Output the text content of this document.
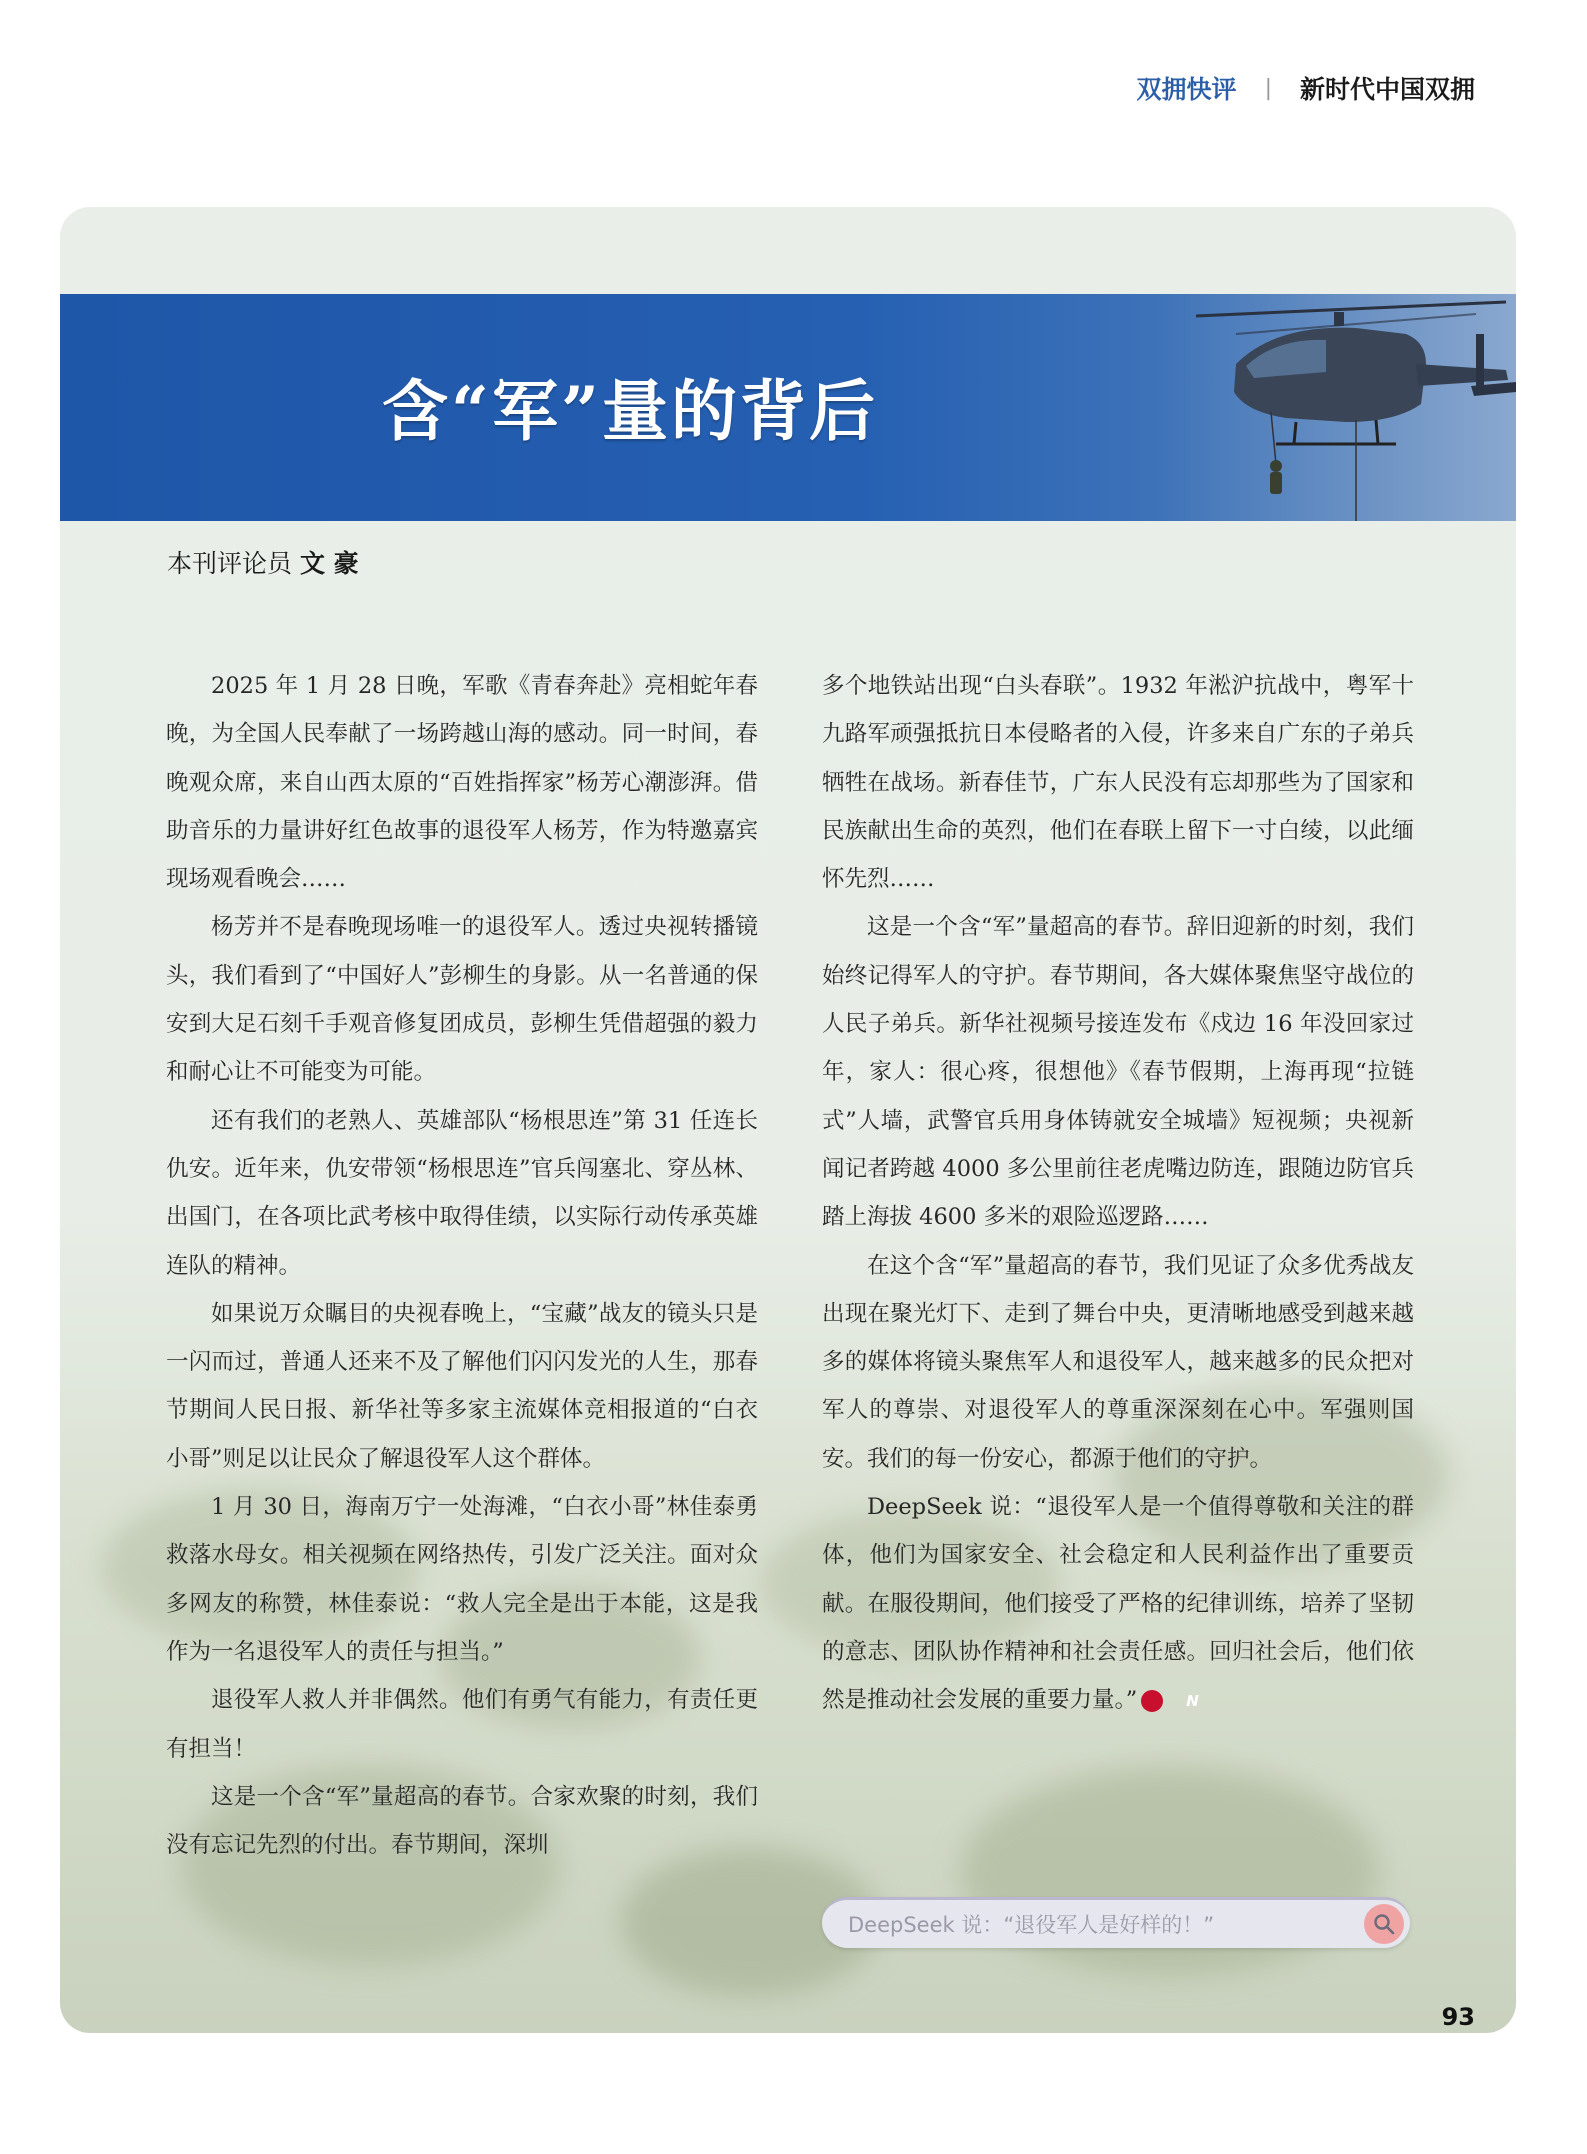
双拥快评 | 新时代中国双拥
含“军”量的背后
本刊评论员 文 豪

2025 年 1 月 28 日晚，军歌《青春奔赴》亮相蛇年春晚，为全国人民奉献了一场跨越山海的感动。同一时间，春晚观众席，来自山西太原的“百姓指挥家”杨芳心潮澎湃。借助音乐的力量讲好红色故事的退役军人杨芳，作为特邀嘉宾现场观看晚会……

杨芳并不是春晚现场唯一的退役军人。透过央视转播镜头，我们看到了“中国好人”彭柳生的身影。从一名普通的保安到大足石刻千手观音修复团成员，彭柳生凭借超强的毅力和耐心让不可能变为可能。

还有我们的老熟人、英雄部队“杨根思连”第 31 任连长仇安。近年来，仇安带领“杨根思连”官兵闯塞北、穿丛林、出国门，在各项比武考核中取得佳绩，以实际行动传承英雄连队的精神。

如果说万众瞩目的央视春晚上，“宝藏”战友的镜头只是一闪而过，普通人还来不及了解他们闪闪发光的人生，那春节期间人民日报、新华社等多家主流媒体竞相报道的“白衣小哥”则足以让民众了解退役军人这个群体。

1 月 30 日，海南万宁一处海滩，“白衣小哥”林佳泰勇救落水母女。相关视频在网络热传，引发广泛关注。面对众多网友的称赞，林佳泰说：“救人完全是出于本能，这是我作为一名退役军人的责任与担当。”

退役军人救人并非偶然。他们有勇气有能力，有责任更有担当！

这是一个含“军”量超高的春节。合家欢聚的时刻，我们没有忘记先烈的付出。春节期间，深圳

多个地铁站出现“白头春联”。1932 年淞沪抗战中，粤军十九路军顽强抵抗日本侵略者的入侵，许多来自广东的子弟兵牺牲在战场。新春佳节，广东人民没有忘却那些为了国家和民族献出生命的英烈，他们在春联上留下一寸白绫，以此缅怀先烈……

这是一个含“军”量超高的春节。辞旧迎新的时刻，我们始终记得军人的守护。春节期间，各大媒体聚焦坚守战位的人民子弟兵。新华社视频号接连发布《戍边 16 年没回家过年，家人：很心疼，很想他》《春节假期，上海再现“拉链式”人墙，武警官兵用身体铸就安全城墙》短视频；央视新闻记者跨越 4000 多公里前往老虎嘴边防连，跟随边防官兵踏上海拔 4600 多米的艰险巡逻路……

在这个含“军”量超高的春节，我们见证了众多优秀战友出现在聚光灯下、走到了舞台中央，更清晰地感受到越来越多的媒体将镜头聚焦军人和退役军人，越来越多的民众把对军人的尊崇、对退役军人的尊重深深刻在心中。军强则国安。我们的每一份安心，都源于他们的守护。

DeepSeek 说：“退役军人是一个值得尊敬和关注的群体，他们为国家安全、社会稳定和人民利益作出了重要贡献。在服役期间，他们接受了严格的纪律训练，培养了坚韧的意志、团队协作精神和社会责任感。回归社会后，他们依然是推动社会发展的重要力量。”	N

DeepSeek 说：“退役军人是好样的！”
93
